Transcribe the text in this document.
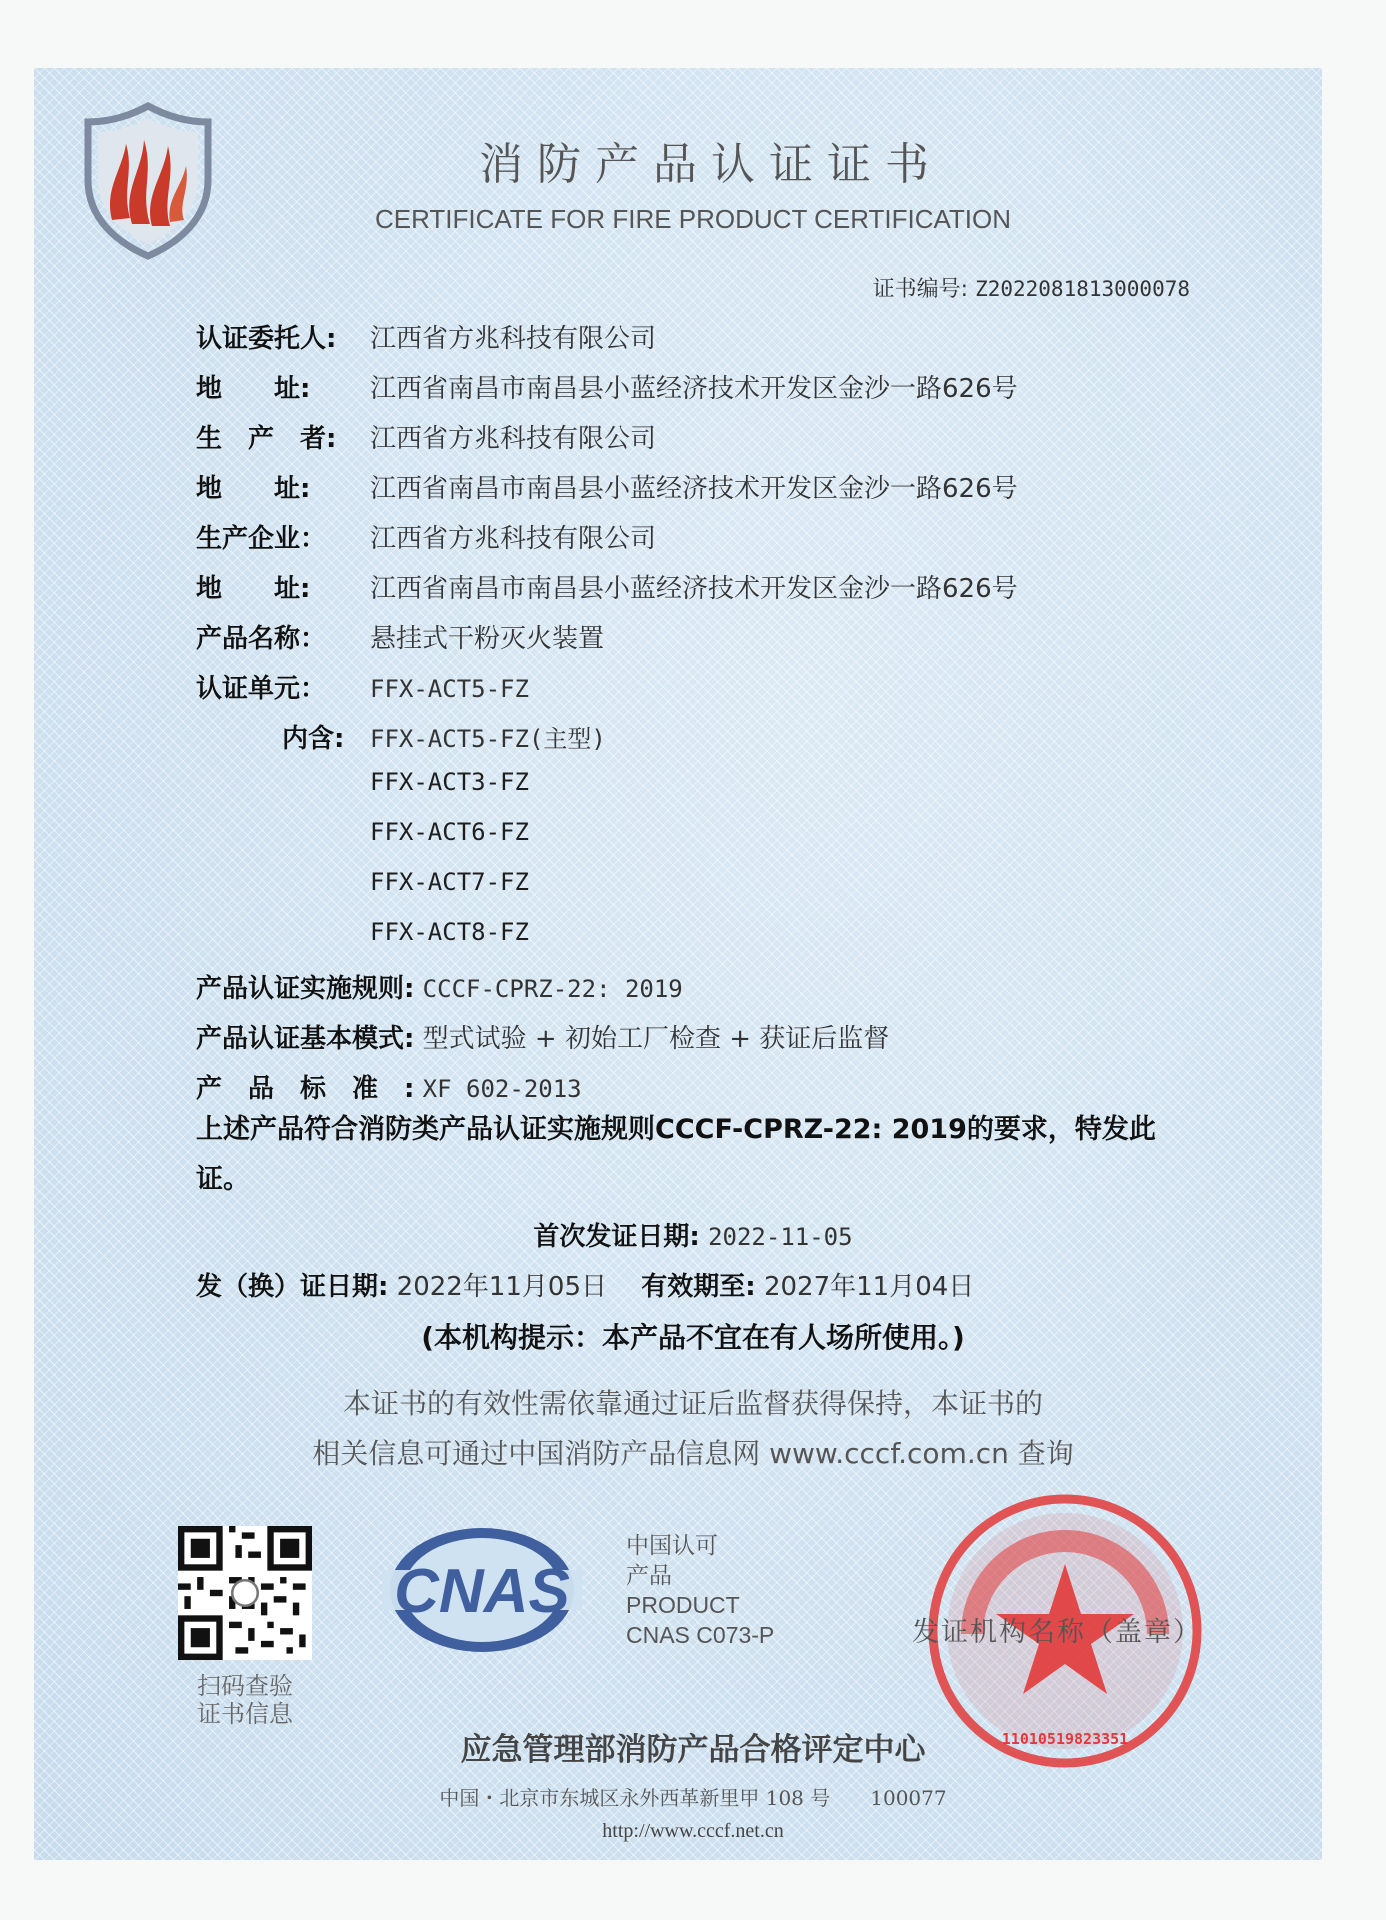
消防产品认证证书
CERTIFICATE FOR FIRE PRODUCT CERTIFICATION
证书编号: Z2022081813000078
认证委托人: 江西省方兆科技有限公司
地　　址: 江西省南昌市南昌县小蓝经济技术开发区金沙一路626号
生　产　者: 江西省方兆科技有限公司
地　　址: 江西省南昌市南昌县小蓝经济技术开发区金沙一路626号
生产企业： 江西省方兆科技有限公司
地　　址: 江西省南昌市南昌县小蓝经济技术开发区金沙一路626号
产品名称： 悬挂式干粉灭火装置
认证单元： FFX-ACT5-FZ
内含: FFX-ACT5-FZ(主型)
FFX-ACT3-FZ
FFX-ACT6-FZ
FFX-ACT7-FZ
FFX-ACT8-FZ
产品认证实施规则: CCCF-CPRZ-22: 2019
产品认证基本模式: 型式试验 + 初始工厂检查 + 获证后监督
产　品　标　准　: XF 602-2013
上述产品符合消防类产品认证实施规则CCCF-CPRZ-22: 2019的要求，特发此证。
首次发证日期: 2022-11-05
发（换）证日期: 2022年11月05日 有效期至: 2027年11月04日
(本机构提示：本产品不宜在有人场所使用。)
本证书的有效性需依靠通过证后监督获得保持，本证书的
相关信息可通过中国消防产品信息网 www.cccf.com.cn 查询
扫码查验
证书信息
CNAS
中国认可
产品
PRODUCT
CNAS C073-P
11010519823351
发证机构名称（盖章）
应急管理部消防产品合格评定中心
中国・北京市东城区永外西革新里甲 108 号　　100077
http://www.cccf.net.cn
